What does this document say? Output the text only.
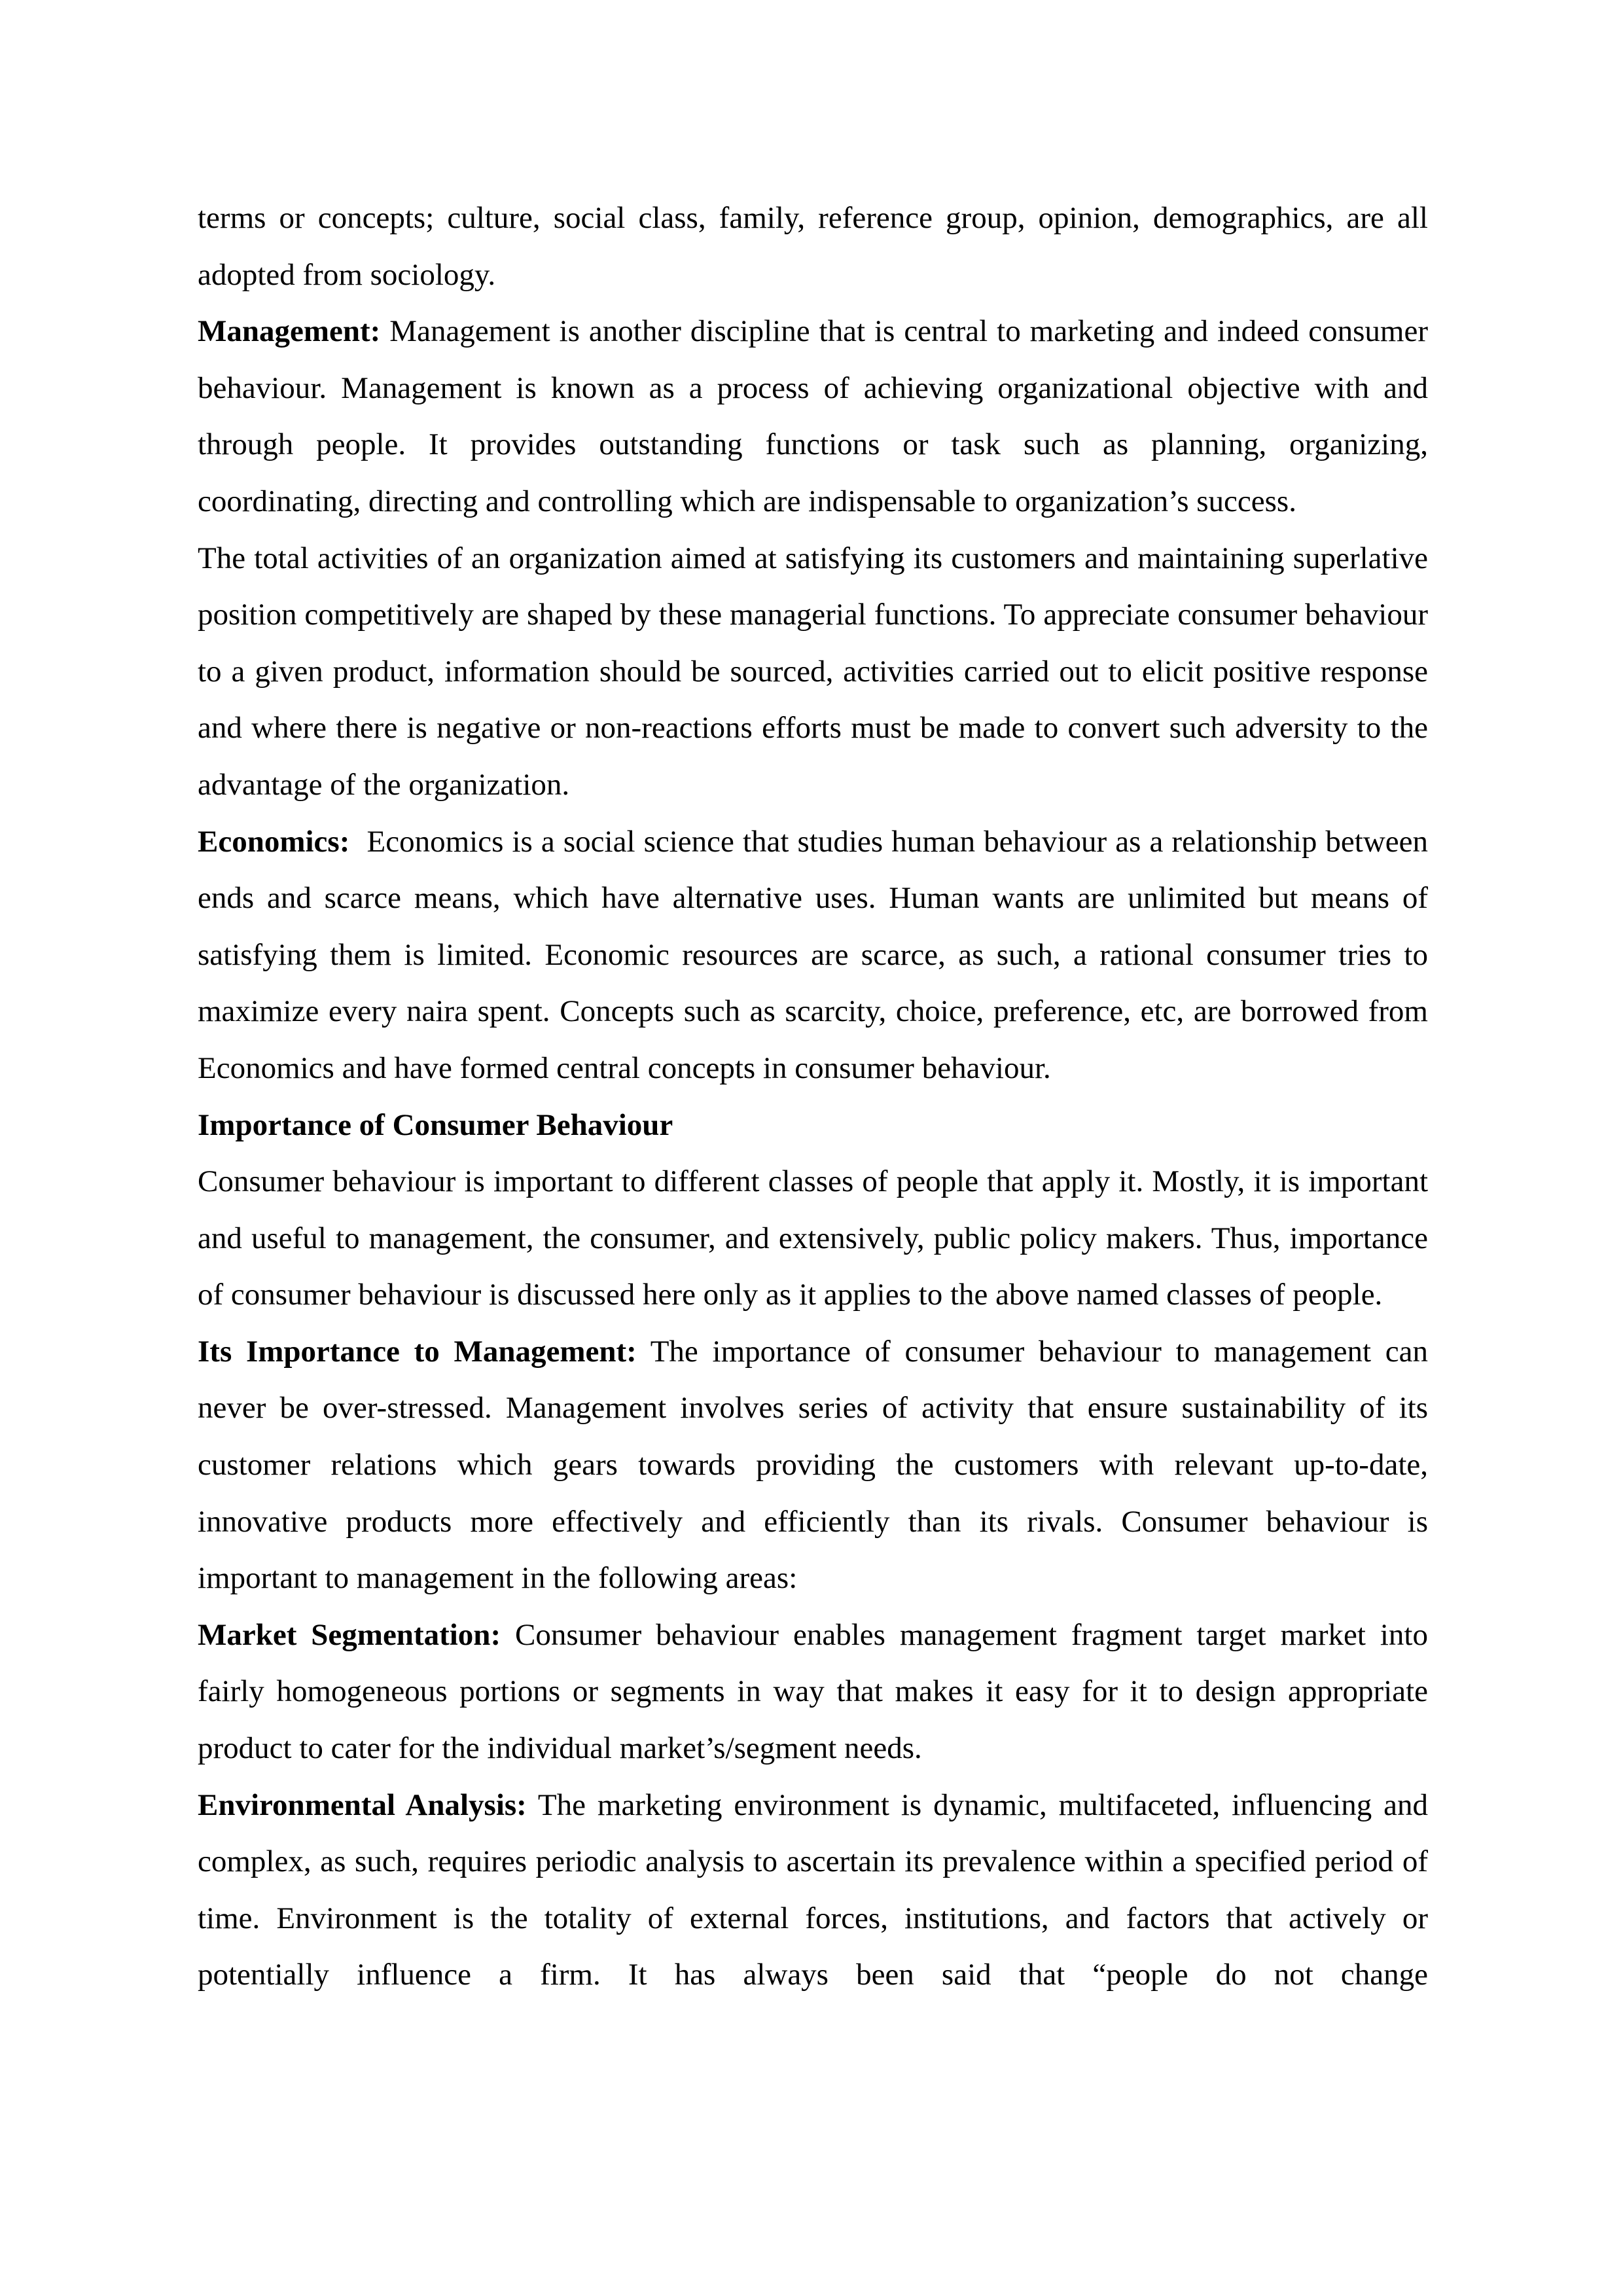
terms or concepts; culture, social class, family, reference group, opinion, demographics, are all adopted from sociology.

Management: Management is another discipline that is central to marketing and indeed consumer behaviour. Management is known as a process of achieving organizational objective with and through people. It provides outstanding functions or task such as planning, organizing, coordinating, directing and controlling which are indispensable to organization’s success.

The total activities of an organization aimed at satisfying its customers and maintaining superlative position competitively are shaped by these managerial functions. To appreciate consumer behaviour to a given product, information should be sourced, activities carried out to elicit positive response and where there is negative or non-reactions efforts must be made to convert such adversity to the advantage of the organization.

Economics:  Economics is a social science that studies human behaviour as a relationship between ends and scarce means, which have alternative uses. Human wants are unlimited but means of satisfying them is limited. Economic resources are scarce, as such, a rational consumer tries to maximize every naira spent. Concepts such as scarcity, choice, preference, etc, are borrowed from Economics and have formed central concepts in consumer behaviour.

Importance of Consumer Behaviour

Consumer behaviour is important to different classes of people that apply it. Mostly, it is important and useful to management, the consumer, and extensively, public policy makers. Thus, importance of consumer behaviour is discussed here only as it applies to the above named classes of people.

Its Importance to Management: The importance of consumer behaviour to management can never be over-stressed. Management involves series of activity that ensure sustainability of its customer relations which gears towards providing the customers with relevant up-to-date, innovative products more effectively and efficiently than its rivals. Consumer behaviour is important to management in the following areas:

Market Segmentation: Consumer behaviour enables management fragment target market into fairly homogeneous portions or segments in way that makes it easy for it to design appropriate product to cater for the individual market’s/segment needs.

Environmental Analysis: The marketing environment is dynamic, multifaceted, influencing and complex, as such, requires periodic analysis to ascertain its prevalence within a specified period of time. Environment is the totality of external forces, institutions, and factors that actively or potentially influence a firm. It has always been said that “people do not change
